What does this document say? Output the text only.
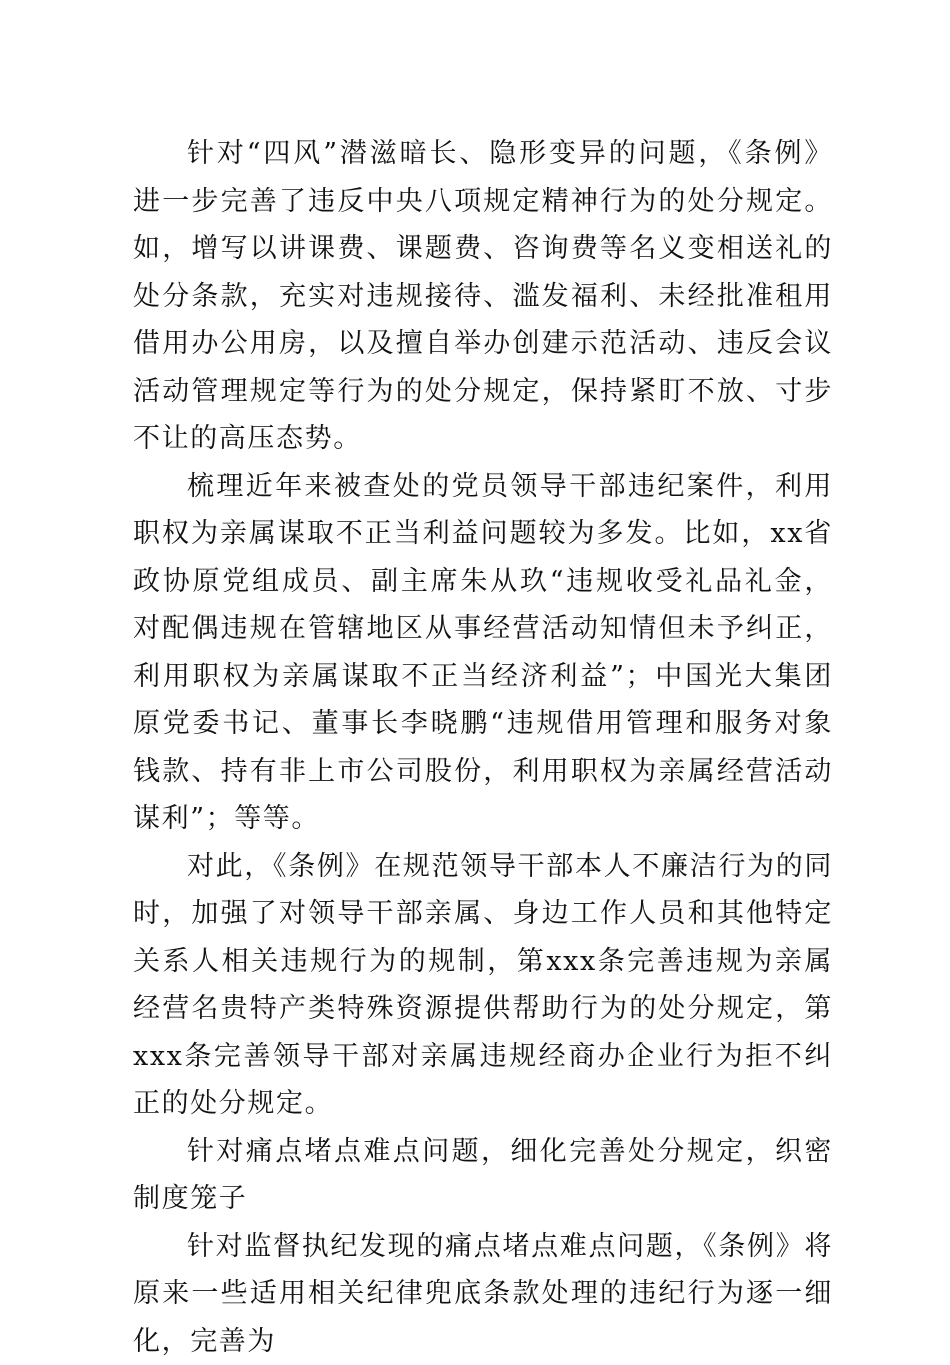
针对“四风”潜滋暗长、隐形变异的问题，《条例》进一步完善了违反中央八项规定精神行为的处分规定。如，增写以讲课费、课题费、咨询费等名义变相送礼的处分条款，充实对违规接待、滥发福利、未经批准租用借用办公用房，以及擅自举办创建示范活动、违反会议活动管理规定等行为的处分规定，保持紧盯不放、寸步不让的高压态势。

梳理近年来被查处的党员领导干部违纪案件，利用职权为亲属谋取不正当利益问题较为多发。比如，xx省政协原党组成员、副主席朱从玖“违规收受礼品礼金，对配偶违规在管辖地区从事经营活动知情但未予纠正，利用职权为亲属谋取不正当经济利益”；中国光大集团原党委书记、董事长李晓鹏“违规借用管理和服务对象钱款、持有非上市公司股份，利用职权为亲属经营活动谋利”；等等。

对此，《条例》在规范领导干部本人不廉洁行为的同时，加强了对领导干部亲属、身边工作人员和其他特定关系人相关违规行为的规制，第xxx条完善违规为亲属经营名贵特产类特殊资源提供帮助行为的处分规定，第xxx条完善领导干部对亲属违规经商办企业行为拒不纠正的处分规定。

针对痛点堵点难点问题，细化完善处分规定，织密制度笼子

针对监督执纪发现的痛点堵点难点问题，《条例》将原来一些适用相关纪律兜底条款处理的违纪行为逐一细化，完善为
